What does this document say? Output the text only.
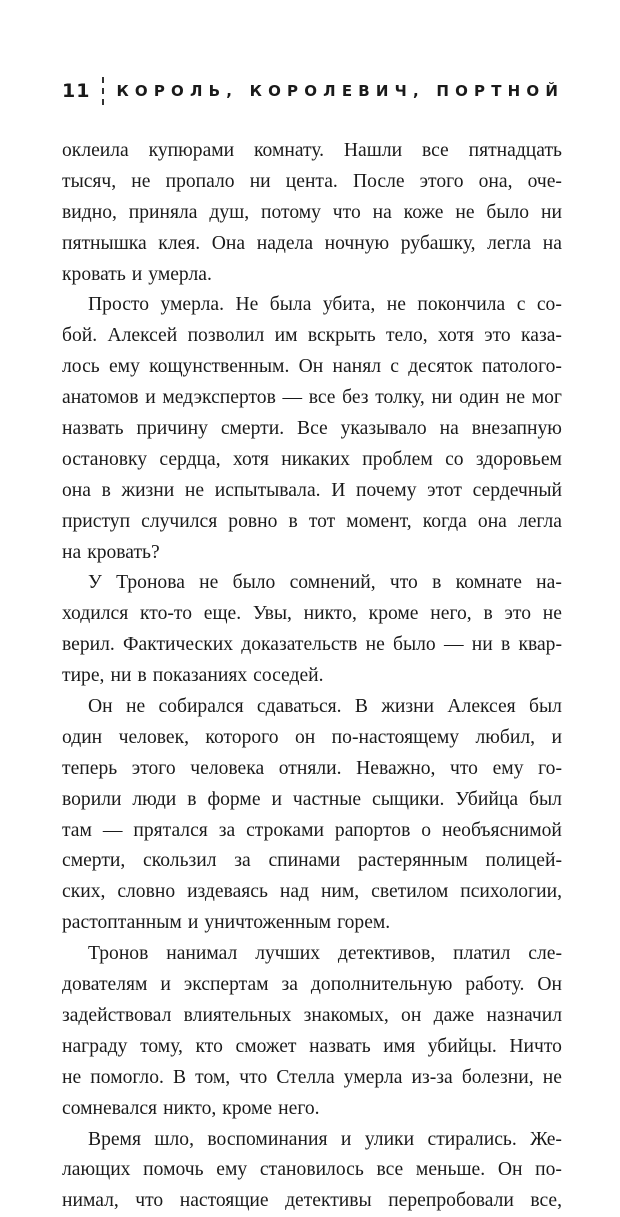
11 КОРОЛЬ, КОРОЛЕВИЧ, ПОРТНОЙ
оклеила купюрами комнату. Нашли все пятнадцать
тысяч, не пропало ни цента. После этого она, оче-
видно, приняла душ, потому что на коже не было ни
пятнышка клея. Она надела ночную рубашку, легла на
кровать и умерла.
Просто умерла. Не была убита, не покончила с со-
бой. Алексей позволил им вскрыть тело, хотя это каза-
лось ему кощунственным. Он нанял с десяток патолого-
анатомов и медэкспертов — все без толку, ни один не мог
назвать причину смерти. Все указывало на внезапную
остановку сердца, хотя никаких проблем со здоровьем
она в жизни не испытывала. И почему этот сердечный
приступ случился ровно в тот момент, когда она легла
на кровать?
У Тронова не было сомнений, что в комнате на-
ходился кто-то еще. Увы, никто, кроме него, в это не
верил. Фактических доказательств не было — ни в квар-
тире, ни в показаниях соседей.
Он не собирался сдаваться. В жизни Алексея был
один человек, которого он по-настоящему любил, и
теперь этого человека отняли. Неважно, что ему го-
ворили люди в форме и частные сыщики. Убийца был
там — прятался за строками рапортов о необъяснимой
смерти, скользил за спинами растерянным полицей-
ских, словно издеваясь над ним, светилом психологии,
растоптанным и уничтоженным горем.
Тронов нанимал лучших детективов, платил сле-
дователям и экспертам за дополнительную работу. Он
задействовал влиятельных знакомых, он даже назначил
награду тому, кто сможет назвать имя убийцы. Ничто
не помогло. В том, что Стелла умерла из-за болезни, не
сомневался никто, кроме него.
Время шло, воспоминания и улики стирались. Же-
лающих помочь ему становилось все меньше. Он по-
нимал, что настоящие детективы перепробовали все,
